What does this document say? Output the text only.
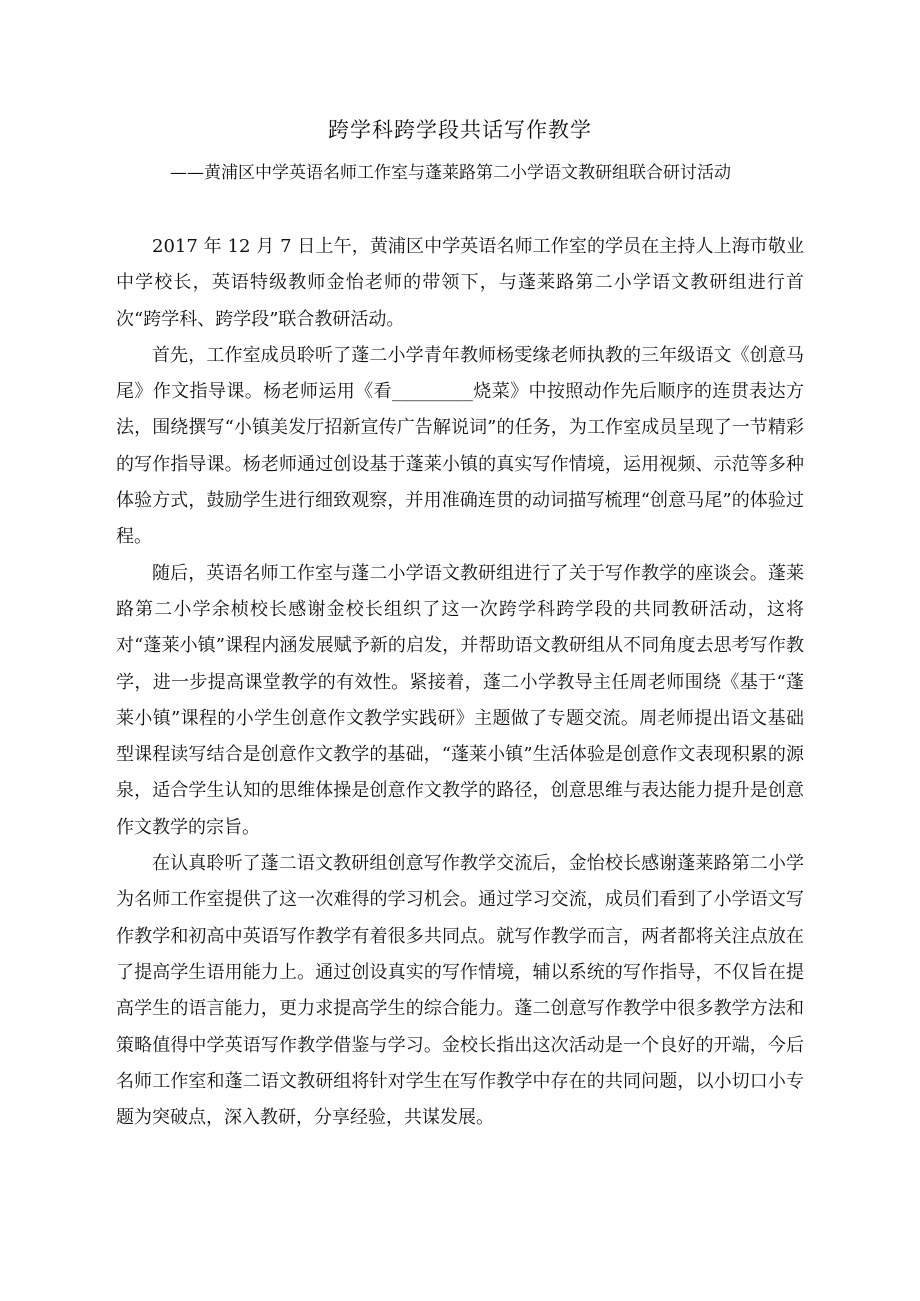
跨学科跨学段共话写作教学
——黄浦区中学英语名师工作室与蓬莱路第二小学语文教研组联合研讨活动

2017 年 12 月 7 日上午，黄浦区中学英语名师工作室的学员在主持人上海市敬业中学校长，英语特级教师金怡老师的带领下，与蓬莱路第二小学语文教研组进行首次“跨学科、跨学段”联合教研活动。

首先，工作室成员聆听了蓬二小学青年教师杨雯缘老师执教的三年级语文《创意马尾》作文指导课。杨老师运用《看_________烧菜》中按照动作先后顺序的连贯表达方法，围绕撰写“小镇美发厅招新宣传广告解说词”的任务，为工作室成员呈现了一节精彩的写作指导课。杨老师通过创设基于蓬莱小镇的真实写作情境，运用视频、示范等多种体验方式，鼓励学生进行细致观察，并用准确连贯的动词描写梳理“创意马尾”的体验过程。

随后，英语名师工作室与蓬二小学语文教研组进行了关于写作教学的座谈会。蓬莱路第二小学余桢校长感谢金校长组织了这一次跨学科跨学段的共同教研活动，这将对“蓬莱小镇”课程内涵发展赋予新的启发，并帮助语文教研组从不同角度去思考写作教学，进一步提高课堂教学的有效性。紧接着，蓬二小学教导主任周老师围绕《基于“蓬莱小镇”课程的小学生创意作文教学实践研》主题做了专题交流。周老师提出语文基础型课程读写结合是创意作文教学的基础，“蓬莱小镇”生活体验是创意作文表现积累的源泉，适合学生认知的思维体操是创意作文教学的路径，创意思维与表达能力提升是创意作文教学的宗旨。

在认真聆听了蓬二语文教研组创意写作教学交流后，金怡校长感谢蓬莱路第二小学为名师工作室提供了这一次难得的学习机会。通过学习交流，成员们看到了小学语文写作教学和初高中英语写作教学有着很多共同点。就写作教学而言，两者都将关注点放在了提高学生语用能力上。通过创设真实的写作情境，辅以系统的写作指导，不仅旨在提高学生的语言能力，更力求提高学生的综合能力。蓬二创意写作教学中很多教学方法和策略值得中学英语写作教学借鉴与学习。金校长指出这次活动是一个良好的开端，今后名师工作室和蓬二语文教研组将针对学生在写作教学中存在的共同问题，以小切口小专题为突破点，深入教研，分享经验，共谋发展。
